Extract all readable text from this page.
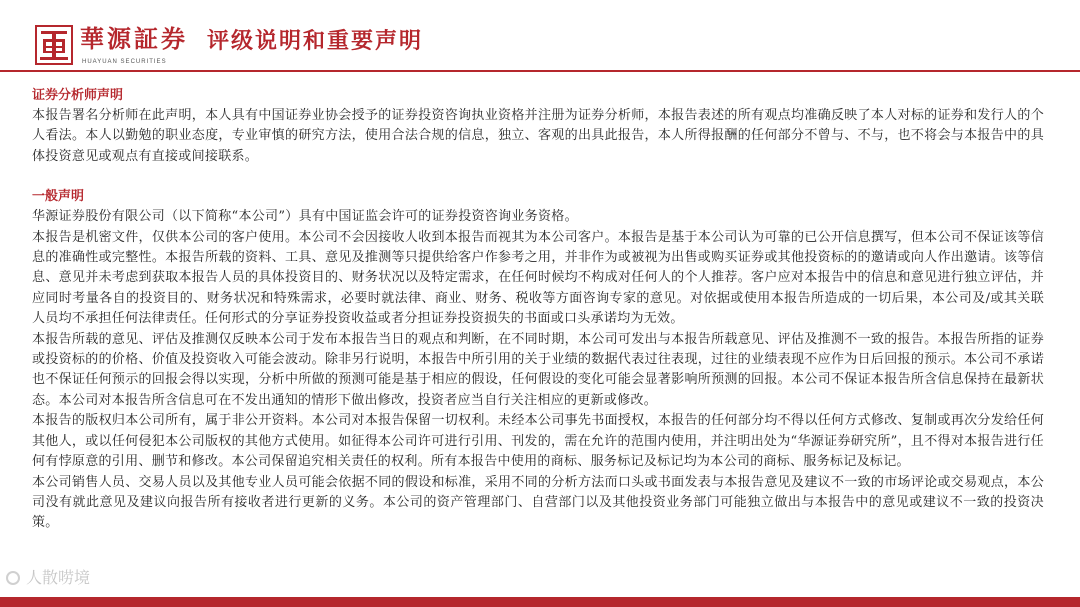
華源証券
HUAYUAN SECURITIES
评级说明和重要声明
证券分析师声明

本报告署名分析师在此声明，本人具有中国证券业协会授予的证券投资咨询执业资格并注册为证券分析师，本报告表述的所有观点均准确反映了本人对标的证券和发行人的个人看法。本人以勤勉的职业态度，专业审慎的研究方法，使用合法合规的信息，独立、客观的出具此报告，本人所得报酬的任何部分不曾与、不与，也不将会与本报告中的具体投资意见或观点有直接或间接联系。

一般声明

华源证券股份有限公司（以下简称“本公司”）具有中国证监会许可的证券投资咨询业务资格。

本报告是机密文件，仅供本公司的客户使用。本公司不会因接收人收到本报告而视其为本公司客户。本报告是基于本公司认为可靠的已公开信息撰写，但本公司不保证该等信息的准确性或完整性。本报告所载的资料、工具、意见及推测等只提供给客户作参考之用，并非作为或被视为出售或购买证券或其他投资标的的邀请或向人作出邀请。该等信息、意见并未考虑到获取本报告人员的具体投资目的、财务状况以及特定需求，在任何时候均不构成对任何人的个人推荐。客户应对本报告中的信息和意见进行独立评估，并应同时考量各自的投资目的、财务状况和特殊需求，必要时就法律、商业、财务、税收等方面咨询专家的意见。对依据或使用本报告所造成的一切后果，本公司及/或其关联人员均不承担任何法律责任。任何形式的分享证券投资收益或者分担证券投资损失的书面或口头承诺均为无效。

本报告所载的意见、评估及推测仅反映本公司于发布本报告当日的观点和判断，在不同时期，本公司可发出与本报告所载意见、评估及推测不一致的报告。本报告所指的证券或投资标的的价格、价值及投资收入可能会波动。除非另行说明，本报告中所引用的关于业绩的数据代表过往表现，过往的业绩表现不应作为日后回报的预示。本公司不承诺也不保证任何预示的回报会得以实现，分析中所做的预测可能是基于相应的假设，任何假设的变化可能会显著影响所预测的回报。本公司不保证本报告所含信息保持在最新状态。本公司对本报告所含信息可在不发出通知的情形下做出修改，投资者应当自行关注相应的更新或修改。

本报告的版权归本公司所有，属于非公开资料。本公司对本报告保留一切权利。未经本公司事先书面授权，本报告的任何部分均不得以任何方式修改、复制或再次分发给任何其他人，或以任何侵犯本公司版权的其他方式使用。如征得本公司许可进行引用、刊发的，需在允许的范围内使用，并注明出处为“华源证券研究所”，且不得对本报告进行任何有悖原意的引用、删节和修改。本公司保留追究相关责任的权利。所有本报告中使用的商标、服务标记及标记均为本公司的商标、服务标记及标记。

本公司销售人员、交易人员以及其他专业人员可能会依据不同的假设和标准，采用不同的分析方法而口头或书面发表与本报告意见及建议不一致的市场评论或交易观点，本公司没有就此意见及建议向报告所有接收者进行更新的义务。本公司的资产管理部门、自营部门以及其他投资业务部门可能独立做出与本报告中的意见或建议不一致的投资决策。

人散唠境
